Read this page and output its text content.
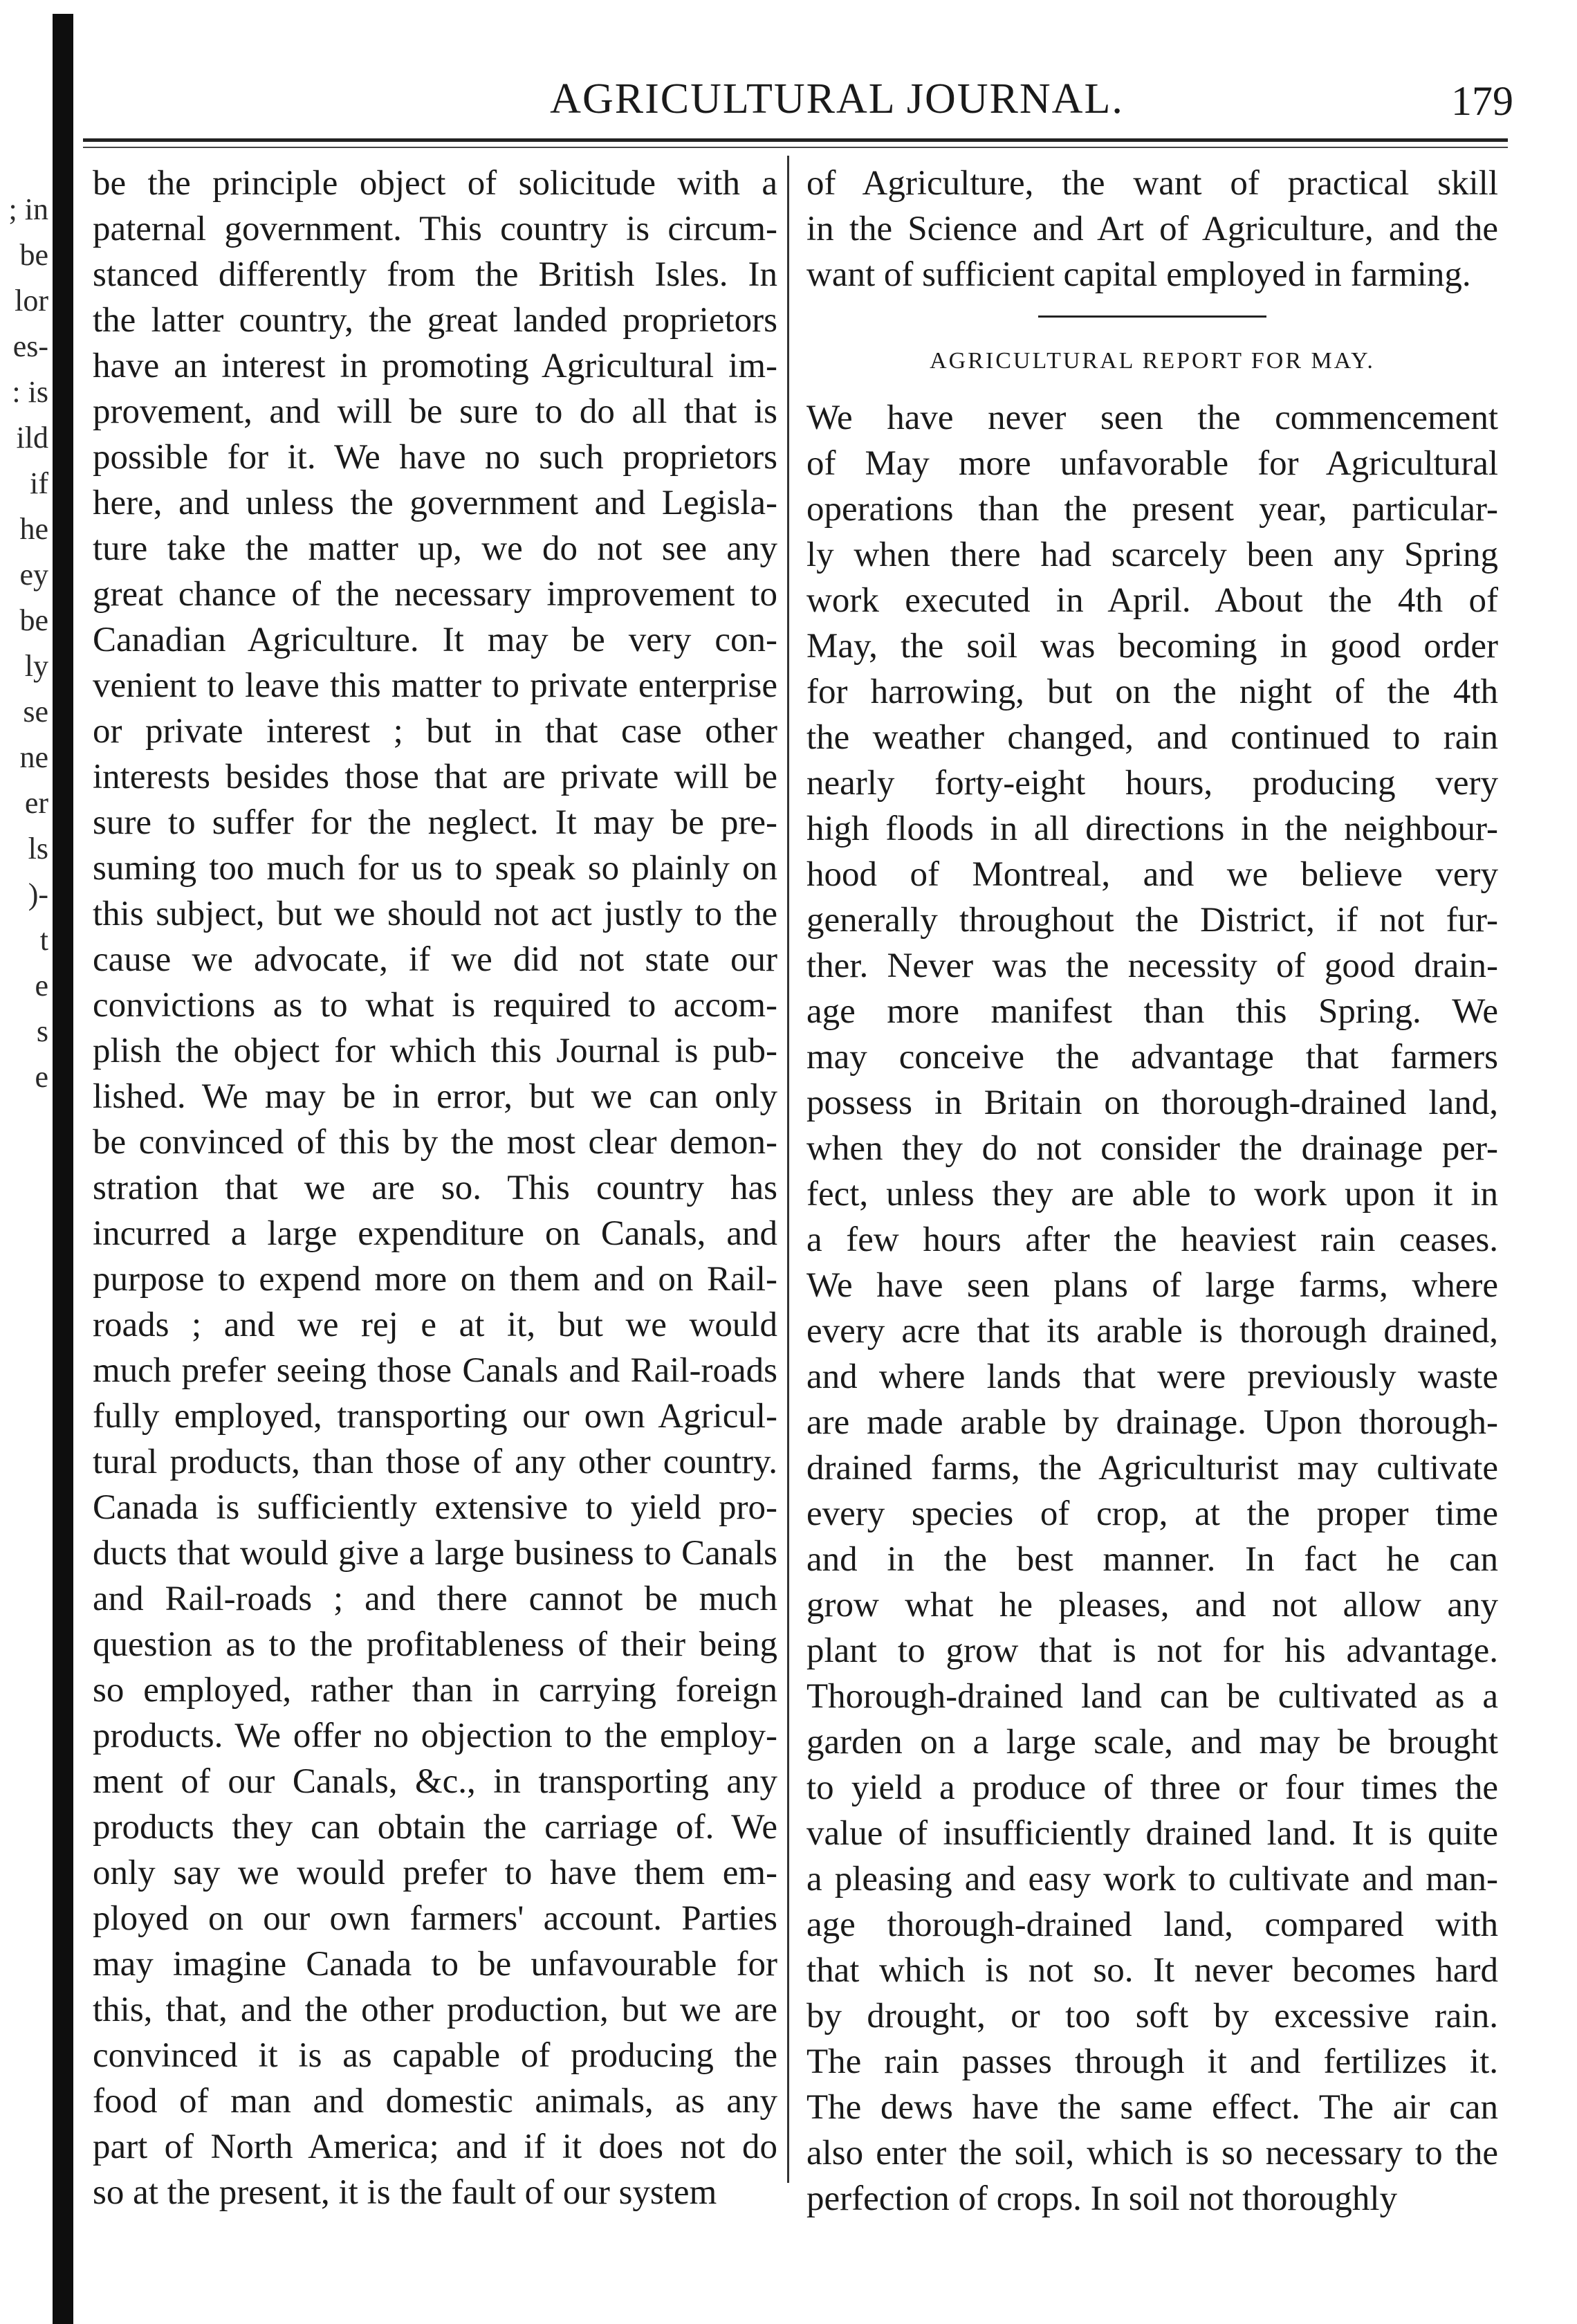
; in
be
lor
es-
: is
ild
if
he
ey
be
ly
se
ne
er
ls
)-
t
e
s
e
AGRICULTURAL JOURNAL.	179
be the principle object of solicitude with a
paternal government. This country is circum-
stanced differently from the British Isles. In
the latter country, the great landed proprietors
have an interest in promoting Agricultural im-
provement, and will be sure to do all that is
possible for it. We have no such proprietors
here, and unless the government and Legisla-
ture take the matter up, we do not see any
great chance of the necessary improvement to
Canadian Agriculture. It may be very con-
venient to leave this matter to private enterprise
or private interest ; but in that case other
interests besides those that are private will be
sure to suffer for the neglect. It may be pre-
suming too much for us to speak so plainly on
this subject, but we should not act justly to the
cause we advocate, if we did not state our
convictions as to what is required to accom-
plish the object for which this Journal is pub-
lished. We may be in error, but we can only
be convinced of this by the most clear demon-
stration that we are so. This country has
incurred a large expenditure on Canals, and
purpose to expend more on them and on Rail-
roads ; and we rej e at it, but we would
much prefer seeing those Canals and Rail-roads
fully employed, transporting our own Agricul-
tural products, than those of any other country.
Canada is sufficiently extensive to yield pro-
ducts that would give a large business to Canals
and Rail-roads ; and there cannot be much
question as to the profitableness of their being
so employed, rather than in carrying foreign
products. We offer no objection to the employ-
ment of our Canals, &c., in transporting any
products they can obtain the carriage of. We
only say we would prefer to have them em-
ployed on our own farmers' account. Parties
may imagine Canada to be unfavourable for
this, that, and the other production, but we are
convinced it is as capable of producing the
food of man and domestic animals, as any
part of North America; and if it does not do
so at the present, it is the fault of our system
of Agriculture, the want of practical skill
in the Science and Art of Agriculture, and the
want of sufficient capital employed in farming.
AGRICULTURAL REPORT FOR MAY.
We have never seen the commencement
of May more unfavorable for Agricultural
operations than the present year, particular-
ly when there had scarcely been any Spring
work executed in April. About the 4th of
May, the soil was becoming in good order
for harrowing, but on the night of the 4th
the weather changed, and continued to rain
nearly forty-eight hours, producing very
high floods in all directions in the neighbour-
hood of Montreal, and we believe very
generally throughout the District, if not fur-
ther. Never was the necessity of good drain-
age more manifest than this Spring. We
may conceive the advantage that farmers
possess in Britain on thorough-drained land,
when they do not consider the drainage per-
fect, unless they are able to work upon it in
a few hours after the heaviest rain ceases.
We have seen plans of large farms, where
every acre that its arable is thorough drained,
and where lands that were previously waste
are made arable by drainage. Upon thorough-
drained farms, the Agriculturist may cultivate
every species of crop, at the proper time
and in the best manner. In fact he can
grow what he pleases, and not allow any
plant to grow that is not for his advantage.
Thorough-drained land can be cultivated as a
garden on a large scale, and may be brought
to yield a produce of three or four times the
value of insufficiently drained land. It is quite
a pleasing and easy work to cultivate and man-
age thorough-drained land, compared with
that which is not so. It never becomes hard
by drought, or too soft by excessive rain.
The rain passes through it and fertilizes it.
The dews have the same effect. The air can
also enter the soil, which is so necessary to the
perfection of crops. In soil not thoroughly
